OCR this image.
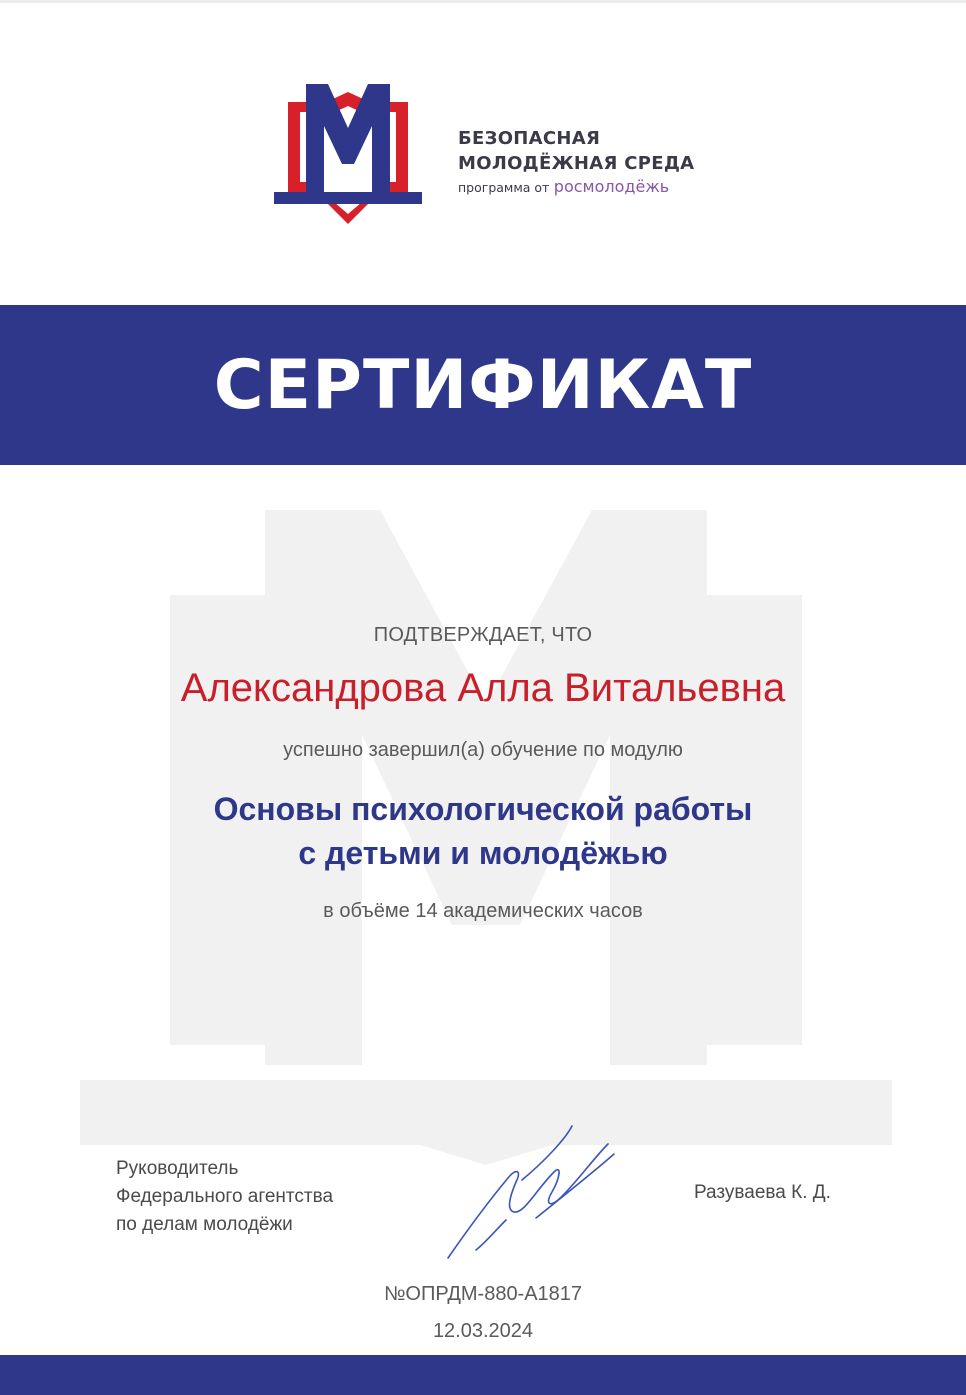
БЕЗОПАСНАЯ
МОЛОДЁЖНАЯ СРЕДА
программа от росмолодёжь
СЕРТИФИКАТ
ПОДТВЕРЖДАЕТ, ЧТО
Александрова Алла Витальевна
успешно завершил(а) обучение по модулю
Основы психологической работы
с детьми и молодёжью
в объёме 14 академических часов
Руководитель
Федерального агентства
по делам молодёжи
Разуваева К. Д.
№ОПРДМ-880-А1817
12.03.2024
